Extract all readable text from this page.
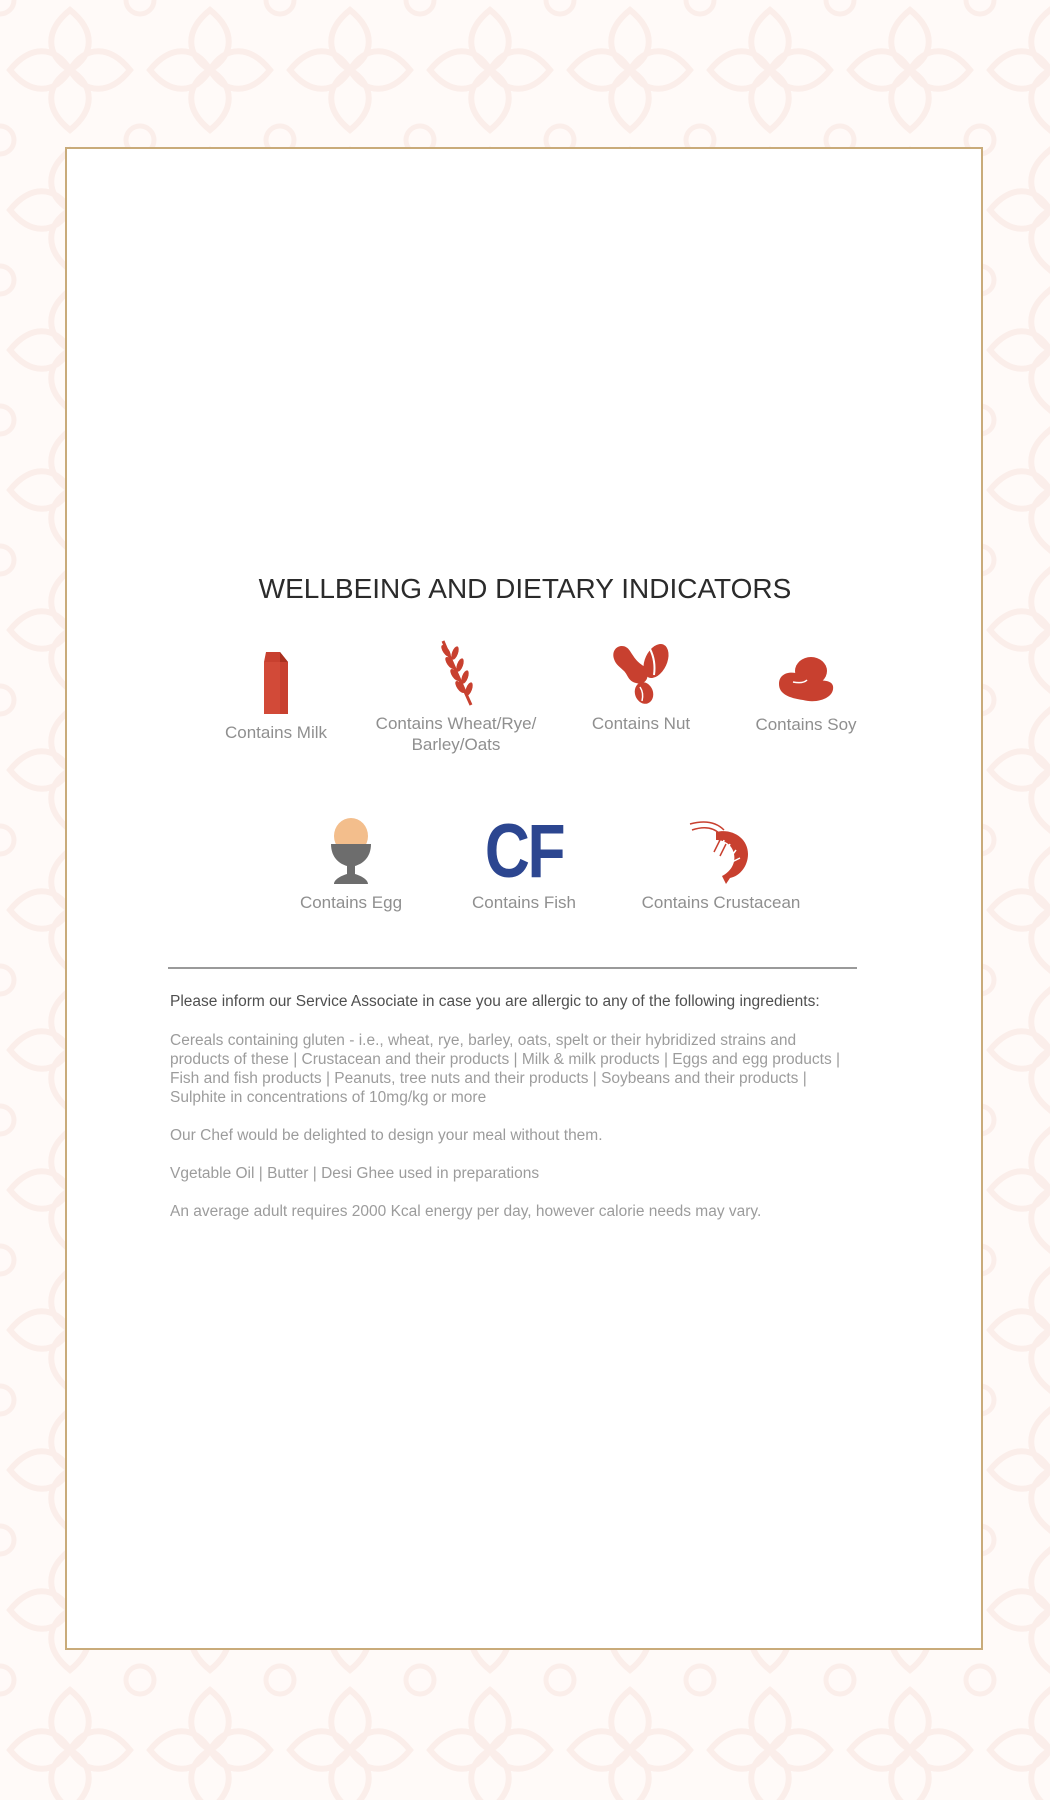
WELLBEING AND DIETARY INDICATORS
Contains Milk	Contains Wheat/Rye/
Barley/Oats
Contains Nut	Contains Soy
Contains Egg
CF
Contains Fish	Contains Crustacean

Please inform our Service Associate in case you are allergic to any of the following ingredients:

Cereals containing gluten - i.e., wheat, rye, barley, oats, spelt or their hybridized strains and
products of these | Crustacean and their products | Milk & milk products | Eggs and egg products |
Fish and fish products | Peanuts, tree nuts and their products | Soybeans and their products |
Sulphite in concentrations of 10mg/kg or more

Our Chef would be delighted to design your meal without them.

Vgetable Oil | Butter | Desi Ghee used in preparations

An average adult requires 2000 Kcal energy per day, however calorie needs may vary.
